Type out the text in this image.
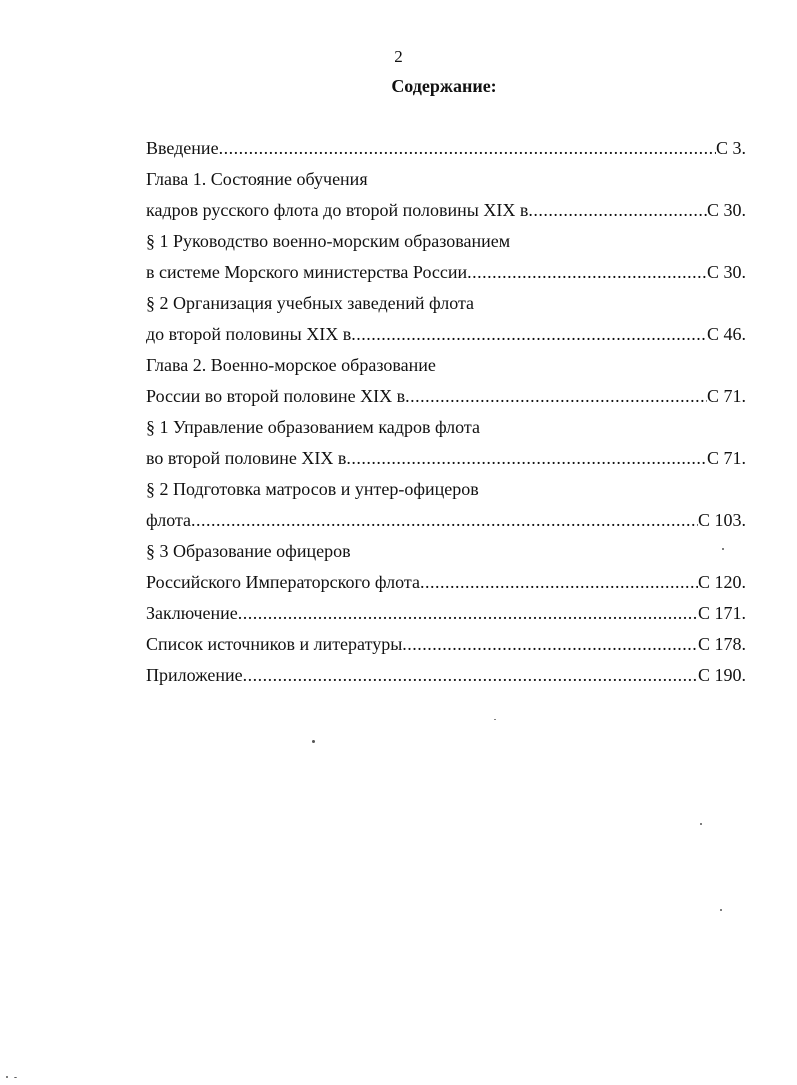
2
Содержание:
Введение .....	С 3.
Глава 1. Состояние обучения
кадров русского флота до второй половины XIX в .....	С 30.
§ 1 Руководство военно-морским образованием
в системе Морского министерства России .....	С 30.
§ 2 Организация учебных заведений флота
до второй половины XIX в .....	С 46.
Глава 2. Военно-морское образование
России во второй половине XIX в .....	С 71.
§ 1 Управление образованием кадров флота
во второй половине XIX в .....	С 71.
§ 2 Подготовка матросов и унтер-офицеров
флота .....	С 103.
§ 3 Образование офицеров
Российского Императорского флота .....	С 120.
Заключение .....	С 171.
Список источников и литературы .....	С 178.
Приложение .....	С 190.
